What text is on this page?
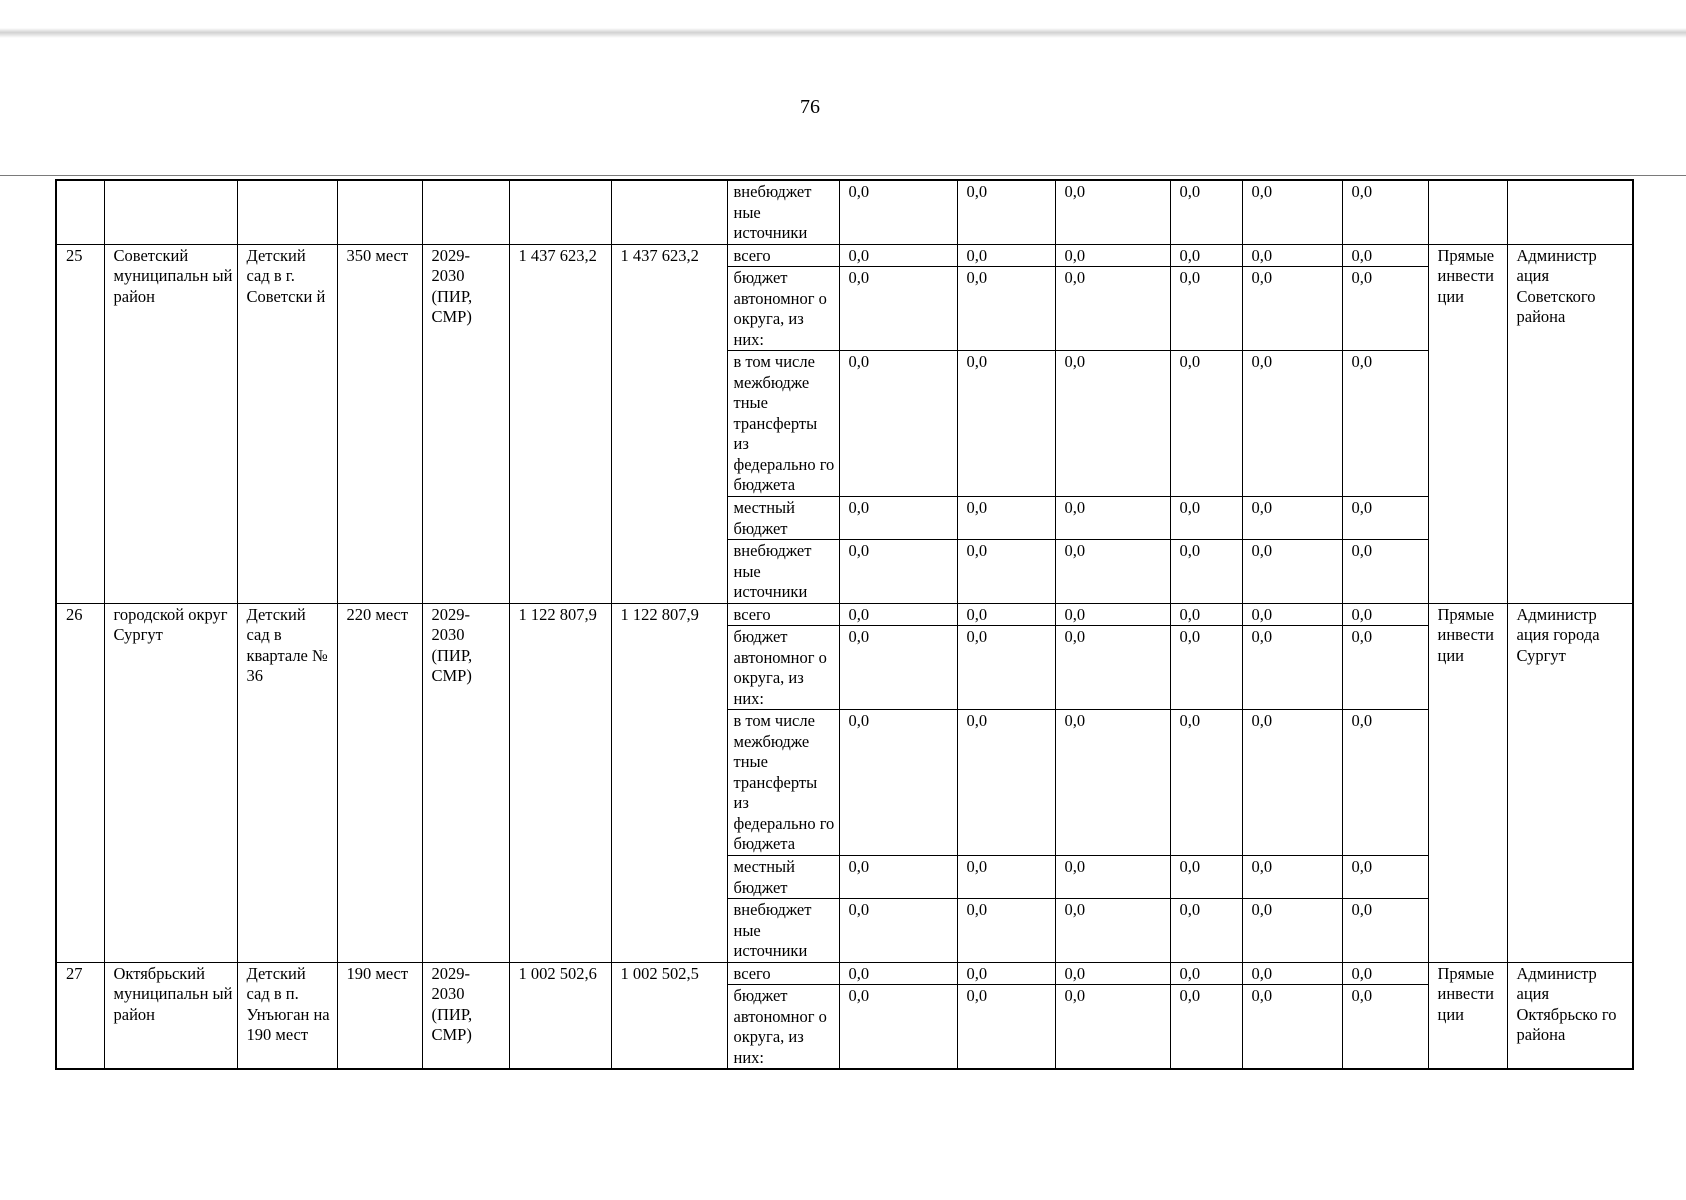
76
							внебюджет ные источники	0,0	0,0	0,0	0,0	0,0	0,0		
25	Советский муниципальн ый район	Детский сад в г. Советски й	350 мест	2029- 2030 (ПИР, СМР)	1 437 623,2	1 437 623,2	всего	0,0	0,0	0,0	0,0	0,0	0,0	Прямые инвести ции	Администр ация Советского района
							бюджет автономног о округа, из них:	0,0	0,0	0,0	0,0	0,0	0,0		
							в том числе межбюдже тные трансферты из федерально го бюджета	0,0	0,0	0,0	0,0	0,0	0,0		
							местный бюджет	0,0	0,0	0,0	0,0	0,0	0,0		
							внебюджет ные источники	0,0	0,0	0,0	0,0	0,0	0,0		
26	городской округ Сургут	Детский сад в квартале № 36	220 мест	2029- 2030 (ПИР, СМР)	1 122 807,9	1 122 807,9	всего	0,0	0,0	0,0	0,0	0,0	0,0	Прямые инвести ции	Администр ация города Сургут
							бюджет автономног о округа, из них:	0,0	0,0	0,0	0,0	0,0	0,0		
							в том числе межбюдже тные трансферты из федерально го бюджета	0,0	0,0	0,0	0,0	0,0	0,0		
							местный бюджет	0,0	0,0	0,0	0,0	0,0	0,0		
							внебюджет ные источники	0,0	0,0	0,0	0,0	0,0	0,0		
27	Октябрьский муниципальн ый район	Детский сад в п. Унъюган на 190 мест	190 мест	2029- 2030 (ПИР, СМР)	1 002 502,6	1 002 502,5	всего	0,0	0,0	0,0	0,0	0,0	0,0	Прямые инвести ции	Администр ация Октябрьско го района
							бюджет автономног о округа, из них:	0,0	0,0	0,0	0,0	0,0	0,0		
